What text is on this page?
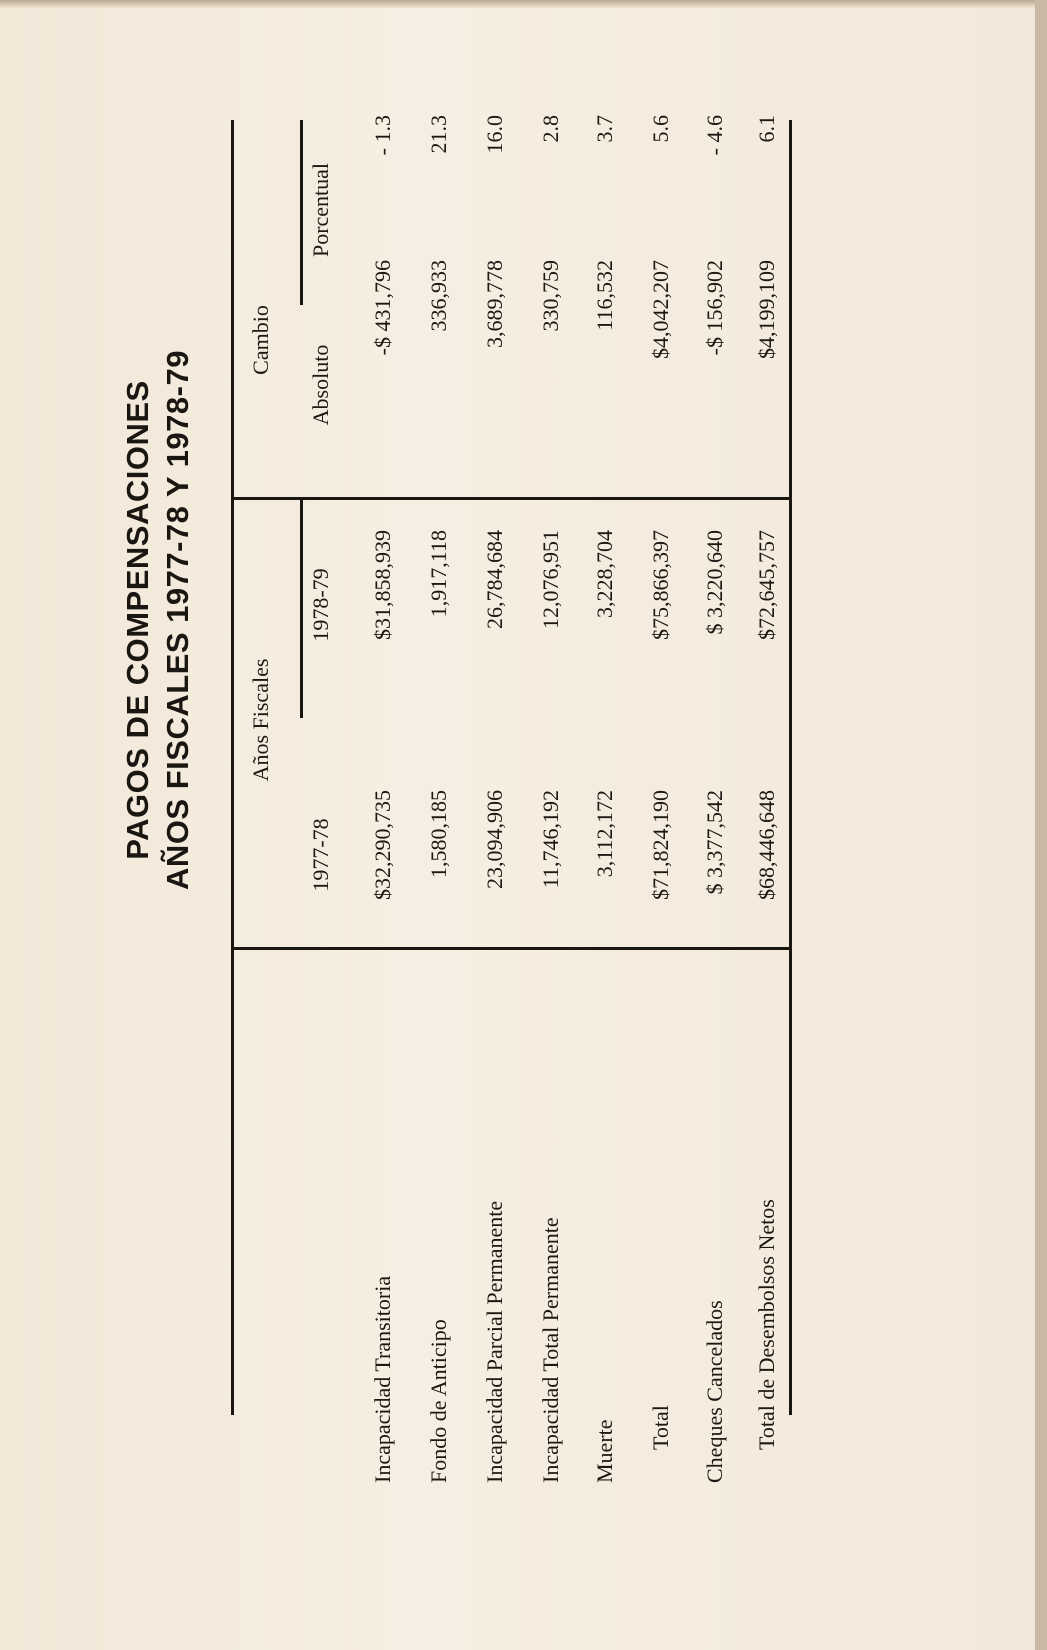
PAGOS DE COMPENSACIONES AÑOS FISCALES 1977-78 Y 1978-79 Años Fiscales
Cambio
1977-78
1978-79
Absoluto
Porcentual
Incapacidad Transitoria
$32,290,735
$31,858,939
-$ 431,796
- 1.3
Fondo de Anticipo
1,580,185
1,917,118
336,933
21.3
Incapacidad Parcial Permanente
23,094,906
26,784,684
3,689,778
16.0
Incapacidad Total Permanente
11,746,192
12,076,951
330,759
2.8
Muerte
3,112,172
3,228,704
116,532
3.7
Total
$71,824,190
$75,866,397
$4,042,207
5.6
Cheques Cancelados
$ 3,377,542
$ 3,220,640
-$ 156,902
- 4.6
Total de Desembolsos Netos
$68,446,648
$72,645,757
$4,199,109
6.1
